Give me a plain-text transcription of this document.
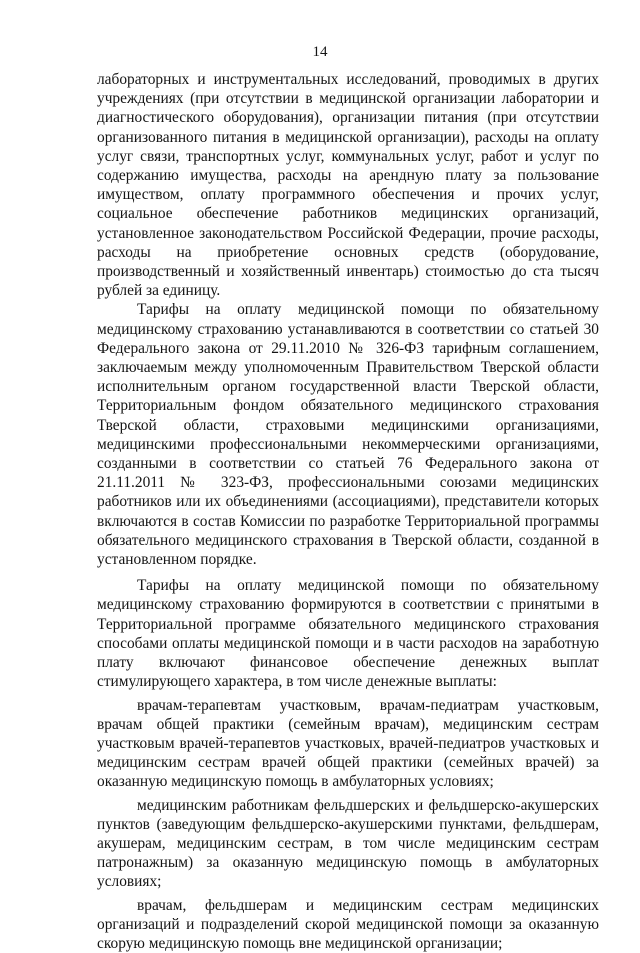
14

лабораторных и инструментальных исследований, проводимых в других учреждениях (при отсутствии в медицинской организации лаборатории и диагностического оборудования), организации питания (при отсутствии организованного питания в медицинской организации), расходы на оплату услуг связи, транспортных услуг, коммунальных услуг, работ и услуг по содержанию имущества, расходы на арендную плату за пользование имуществом, оплату программного обеспечения и прочих услуг, социальное обеспечение работников медицинских организаций, установленное законодательством Российской Федерации, прочие расходы, расходы на приобретение основных средств (оборудование, производственный и хозяйственный инвентарь) стоимостью до ста тысяч рублей за единицу.

Тарифы на оплату медицинской помощи по обязательному медицинскому страхованию устанавливаются в соответствии со статьей 30 Федерального закона от 29.11.2010 № 326-ФЗ тарифным соглашением, заключаемым между уполномоченным Правительством Тверской области исполнительным органом государственной власти Тверской области, Территориальным фондом обязательного медицинского страхования Тверской области, страховыми медицинскими организациями, медицинскими профессиональными некоммерческими организациями, созданными в соответствии со статьей 76 Федерального закона от 21.11.2011 № 323-ФЗ, профессиональными союзами медицинских работников или их объединениями (ассоциациями), представители которых включаются в состав Комиссии по разработке Территориальной программы обязательного медицинского страхования в Тверской области, созданной в установленном порядке.

Тарифы на оплату медицинской помощи по обязательному медицинскому страхованию формируются в соответствии с принятыми в Территориальной программе обязательного медицинского страхования способами оплаты медицинской помощи и в части расходов на заработную плату включают финансовое обеспечение денежных выплат стимулирующего характера, в том числе денежные выплаты:

врачам-терапевтам участковым, врачам-педиатрам участковым, врачам общей практики (семейным врачам), медицинским сестрам участковым врачей-терапевтов участковых, врачей-педиатров участковых и медицинским сестрам врачей общей практики (семейных врачей) за оказанную медицинскую помощь в амбулаторных условиях;

медицинским работникам фельдшерских и фельдшерско-акушерских пунктов (заведующим фельдшерско-акушерскими пунктами, фельдшерам, акушерам, медицинским сестрам, в том числе медицинским сестрам патронажным) за оказанную медицинскую помощь в амбулаторных условиях;

врачам, фельдшерам и медицинским сестрам медицинских организаций и подразделений скорой медицинской помощи за оказанную скорую медицинскую помощь вне медицинской организации;
